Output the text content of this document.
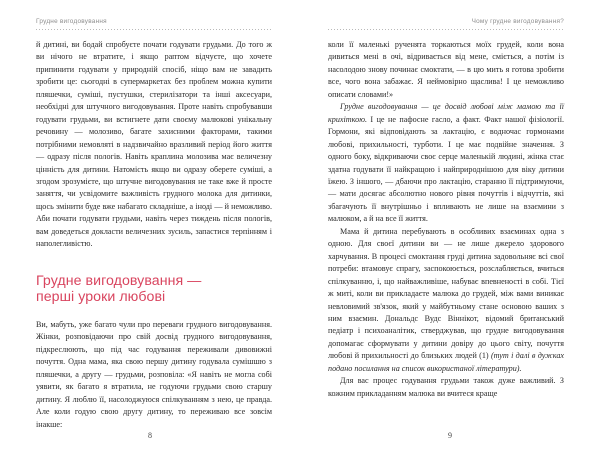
Грудне вигодовування

й дитині, ви бодай спробуєте почати годувати грудьми. До того ж ви нічого не втратите, і якщо раптом відчуєте, що хочете припинити годувати у природній спосіб, ніщо вам не завадить зробити це: сьогодні в супермаркетах без проблем можна купити пляшечки, суміші, пустушки, стерилізатори та інші аксесуари, необхідні для штучного вигодовування. Проте навіть спробувавши годувати грудьми, ви встигнете дати своєму малюкові унікальну речовину — молозиво, багате захисними факторами, такими потрібними немовляті в надзвичайно вразливий період його життя — одразу після пологів. Навіть краплина молозива має величезну цінність для дитини. Натомість якщо ви одразу оберете суміші, а згодом зрозумієте, що штучне вигодовування не таке вже й просте заняття, чи усвідомите важливість грудного молока для дитинки, щось змінити буде вже набагато складніше, а іноді — й неможливо. Аби почати годувати грудьми, навіть через тиждень після пологів, вам доведеться докласти величезних зусиль, запастися терпінням і наполегливістю.

Грудне вигодовування —
перші уроки любові

Ви, мабуть, уже багато чули про переваги грудного вигодовування. Жінки, розповідаючи про свій досвід грудного вигодовування, підкреслюють, що під час годування переживали дивовижні почуття. Одна мама, яка свою першу дитину годувала сумішшю з пляшечки, а другу — грудьми, розповіла: «Я навіть не могла собі уявити, як багато я втратила, не годуючи грудьми свою старшу дитину. Я люблю її, насолоджуюся спілкуванням з нею, це правда. Але коли годую свою другу дитину, то переживаю все зовсім інакше:

8
Чому грудне вигодовування?

коли її маленькі рученята торкаються моїх грудей, коли вона дивиться мені в очі, відривається від мене, сміється, а потім із насолодою знову починає смоктати, — в цю мить я готова зробити все, чого вона забажає. Я неймовірно щаслива! І це неможливо описати словами!»

Грудне вигодовування — це досвід любові між мамою та її крихіткою. І це не пафосне гасло, а факт. Факт нашої фізіології. Гормони, які відповідають за лактацію, є водночас гормонами любові, прихильності, турботи. І це має подвійне значення. З одного боку, відкриваючи своє серце маленькій людині, жінка стає здатна годувати її найкращою і найприроднішою для віку дитини їжею. З іншого, — дбаючи про лактацію, старанно її підтримуючи, — мати досягає абсолютно нового рівня почуттів і відчуттів, які збагачують її внутрішньо і впливають не лише на взаємини з малюком, а й на все її життя.

Мама й дитина перебувають в особливих взаєминах одна з одною. Для своєї дитини ви — не лише джерело здорового харчування. В процесі смоктання груді дитина задовольняє всі свої потреби: втамовує спрагу, заспокоюється, розслабляється, вчиться спілкуванню, і, що найважливіше, набуває впевненості в собі. Тієї ж миті, коли ви прикладаєте малюка до грудей, між вами виникає невловимий зв'язок, який у майбутньому стане основою ваших з ним взаємин. Дональдс Вудс Віннікот, відомий британський педіатр і психоаналітик, стверджував, що грудне вигодовування допомагає сформувати у дитини довіру до цього світу, почуття любові й прихильності до близьких людей (1) (тут і далі в дужках подано посилання на список використаної літератури).

Для вас процес годування грудьми також дуже важливий. З кожним прикладанням малюка ви вчитеся краще

9
